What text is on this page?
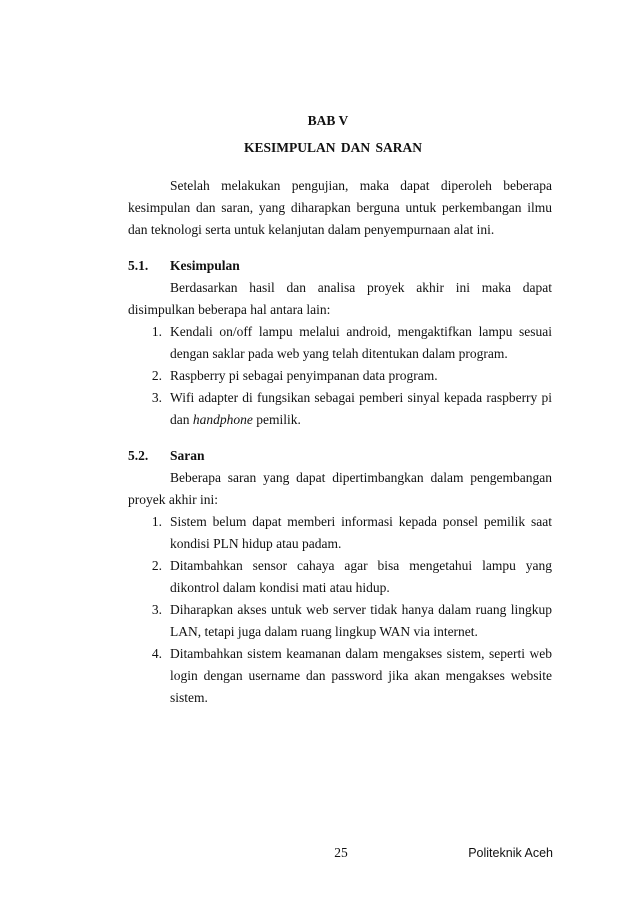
BAB V
KESIMPULAN DAN SARAN

Setelah melakukan pengujian, maka dapat diperoleh beberapa kesimpulan dan saran, yang diharapkan berguna untuk perkembangan ilmu dan teknologi serta untuk kelanjutan dalam penyempurnaan alat ini.

5.1.	Kesimpulan

Berdasarkan hasil dan analisa proyek akhir ini maka dapat disimpulkan beberapa hal antara lain:

1. Kendali on/off lampu melalui android, mengaktifkan lampu sesuai dengan saklar pada web yang telah ditentukan dalam program.
2. Raspberry pi sebagai penyimpanan data program.
3. Wifi adapter di fungsikan sebagai pemberi sinyal kepada raspberry pi dan handphone pemilik.
5.2.	Saran

Beberapa saran yang dapat dipertimbangkan dalam pengembangan proyek akhir ini:

1. Sistem belum dapat memberi informasi kepada ponsel pemilik saat kondisi PLN hidup atau padam.
2. Ditambahkan sensor cahaya agar bisa mengetahui lampu yang dikontrol dalam kondisi mati atau hidup.
3. Diharapkan akses untuk web server tidak hanya dalam ruang lingkup LAN, tetapi juga dalam ruang lingkup WAN via internet.
4. Ditambahkan sistem keamanan dalam mengakses sistem, seperti web login dengan username dan password jika akan mengakses website sistem.
25	Politeknik Aceh
